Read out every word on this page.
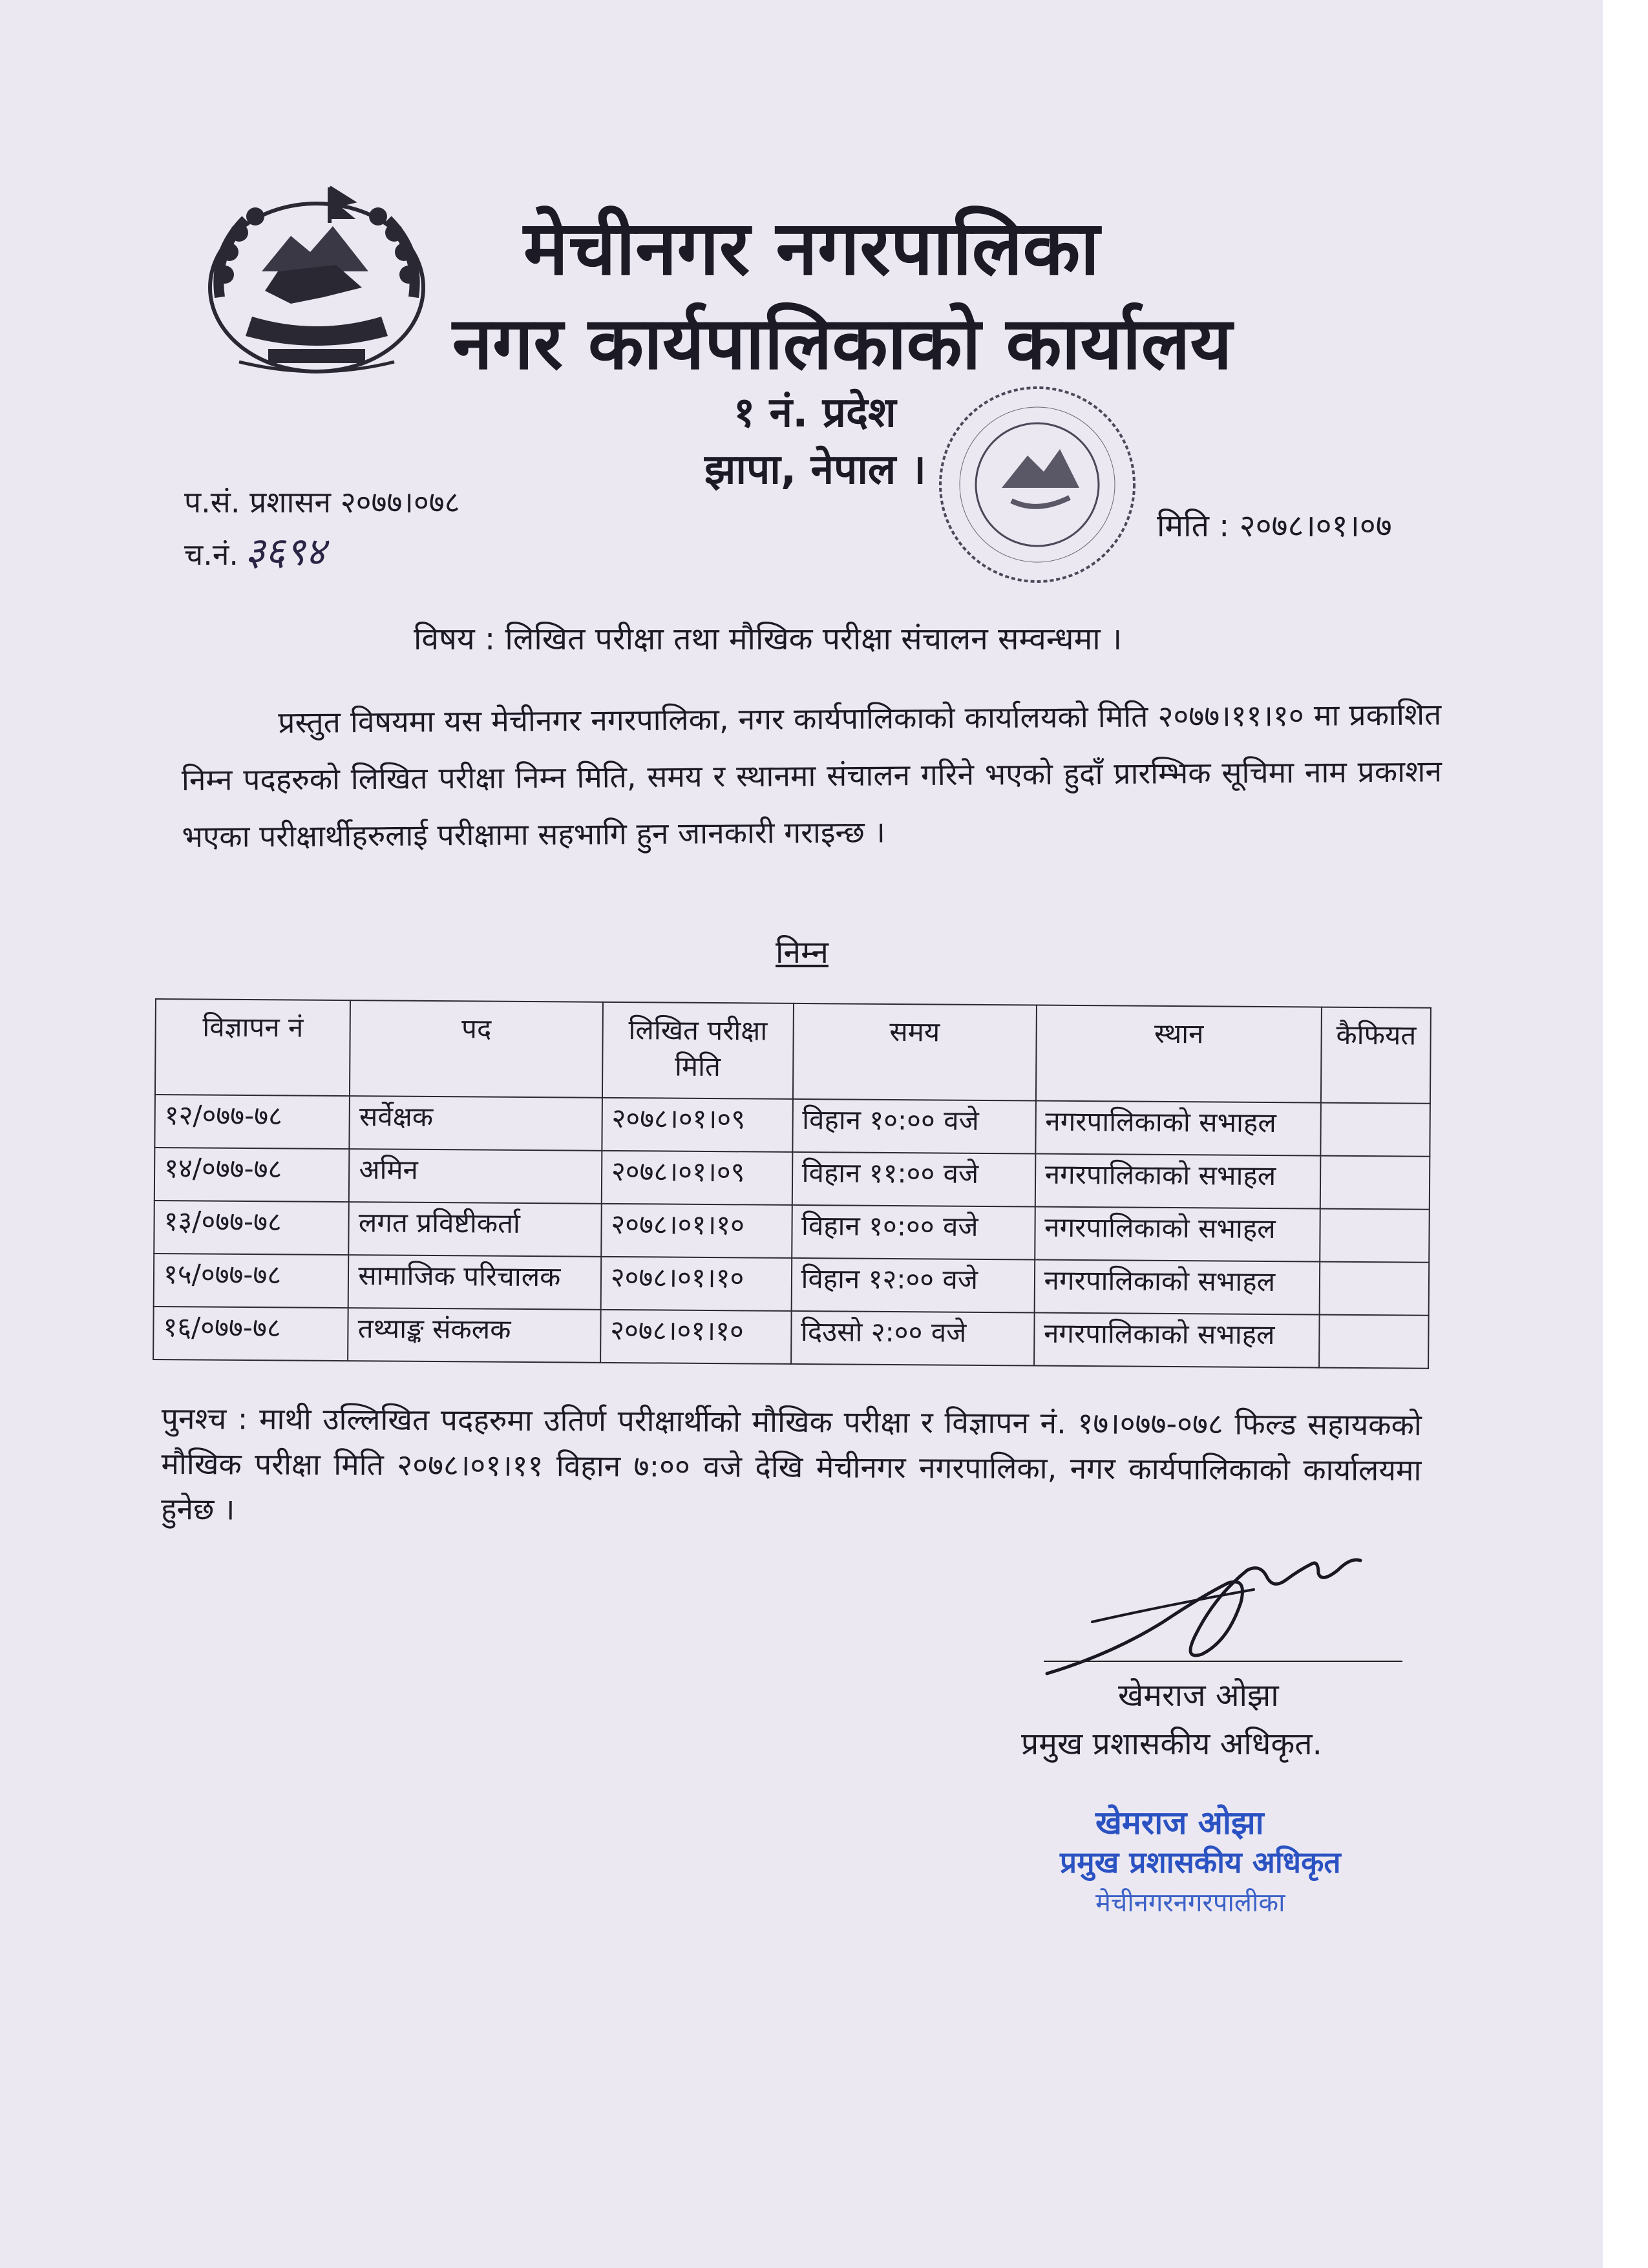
मेचीनगर नगरपालिका
नगर कार्यपालिकाको कार्यालय
१ नं. प्रदेश
झापा, नेपाल ।
प.सं. प्रशासन २०७७।०७८
च.नं. ३६९४
मिति : २०७८।०१।०७
विषय : लिखित परीक्षा तथा मौखिक परीक्षा संचालन सम्वन्धमा ।
प्रस्तुत विषयमा यस मेचीनगर नगरपालिका, नगर कार्यपालिकाको कार्यालयको मिति २०७७।११।१० मा प्रकाशित निम्न पदहरुको लिखित परीक्षा निम्न मिति, समय र स्थानमा संचालन गरिने भएको हुदाँ प्रारम्भिक सूचिमा नाम प्रकाशन भएका परीक्षार्थीहरुलाई परीक्षामा सहभागि हुन जानकारी गराइन्छ ।
निम्न
विज्ञापन नं	पद	लिखित परीक्षा मिति	समय	स्थान	कैफियत
१२/०७७-७८	सर्वेक्षक	२०७८।०१।०९	विहान १०:०० वजे	नगरपालिकाको सभाहल	
१४/०७७-७८	अमिन	२०७८।०१।०९	विहान ११:०० वजे	नगरपालिकाको सभाहल	
१३/०७७-७८	लगत प्रविष्टीकर्ता	२०७८।०१।१०	विहान १०:०० वजे	नगरपालिकाको सभाहल	
१५/०७७-७८	सामाजिक परिचालक	२०७८।०१।१०	विहान १२:०० वजे	नगरपालिकाको सभाहल	
१६/०७७-७८	तथ्याङ्क संकलक	२०७८।०१।१०	दिउसो २:०० वजे	नगरपालिकाको सभाहल	
पुनश्च : माथी उल्लिखित पदहरुमा उतिर्ण परीक्षार्थीको मौखिक परीक्षा र विज्ञापन नं. १७।०७७-०७८ फिल्ड सहायकको मौखिक परीक्षा मिति २०७८।०१।११ विहान ७:०० वजे देखि मेचीनगर नगरपालिका, नगर कार्यपालिकाको कार्यालयमा हुनेछ ।
खेमराज ओझा
प्रमुख प्रशासकीय अधिकृत.
खेमराज ओझा
प्रमुख प्रशासकीय अधिकृत
मेचीनगरनगरपालीका
